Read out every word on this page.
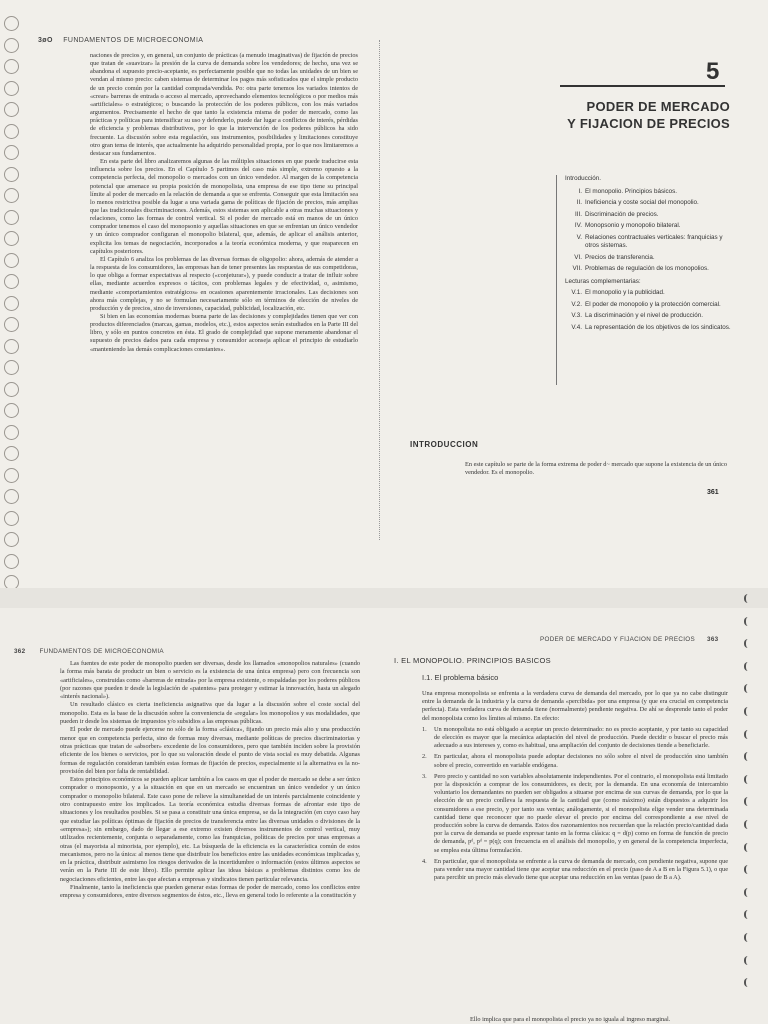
3øO FUNDAMENTOS DE MICROECONOMIA

naciones de precios y, en general, un conjunto de prácticas (a menudo imaginativas) de fijación de precios que tratan de «suavizar» la presión de la curva de demanda sobre los vendedores; de hecho, una vez se abandona el supuesto precio-aceptante, es perfectamente posible que no todas las unidades de un bien se vendan al mismo precio: caben sistemas de determinar los pagos más sofisticados que el simple producto de un precio común por la cantidad comprada/vendida. Po: otra parte tenemos los variados intentos de «crear» barreras de entrada o acceso al mercado, aprovechando elementos tecnológicos o por medios más «artificiales» o estratégicos; o buscando la protección de los poderes públicos, con los más variados argumentos. Precisamente el hecho de que tanto la existencia misma de poder de mercado, como las prácticas y políticas para intensificar su uso y defenderlo, puede dar lugar a conflictos de interés, pérdidas de eficiencia y problemas distributivos, por lo que la intervención de los poderes públicos ha sido frecuente. La discusión sobre esta regulación, sus instrumentos, posibilidades y limitaciones constituye otro gran tema de interés, que actualmente ha adquirido personalidad propia, por lo que nos limitaremos a destacar sus fundamentos.

En esta parte del libro analizaremos algunas de las múltiples situaciones en que puede traducirse esta influencia sobre los precios. En el Capítulo 5 partimos del caso más simple, extremo opuesto a la competencia perfecta, del monopolio o mercados con un único vendedor. Al margen de la competencia potencial que amenace su propia posición de monopolista, una empresa de ese tipo tiene su principal límite al poder de mercado en la relación de demanda a que se enfrenta. Conseguir que esta limitación sea lo menos restrictiva posible da lugar a una variada gama de políticas de fijación de precios, más amplias que las tradicionales discriminaciones. Además, estos sistemas son aplicable a otras muchas situaciones y relaciones, como las formas de control vertical. Si el poder de mercado está en manos de un único comprador tenemos el caso del monopsonio y aquellas situaciones en que se enfrentan un único vendedor y un único comprador configuran el monopolio bilateral, que, además, de aplicar el análisis anterior, explicita los temas de negociación, incorporados a la teoría económica moderna, y que reaparecen en capítulos posteriores.

El Capítulo 6 analiza los problemas de las diversas formas de oligopolio: ahora, además de atender a la respuesta de los consumidores, las empresas han de tener presentes las respuestas de sus competidoras, lo que obliga a formar expectativas al respecto («conjeturar»), y puede conducir a tratar de influir sobre ellas, mediante acuerdos expresos o tácitos, con problemas legales y de efectividad, o, asimismo, mediante «comportamientos estratégicos» en ocasiones aparentemente irracionales. Las decisiones son ahora más complejas, y no se formulan necesariamente sólo en términos de elección de niveles de producción y de precios, sino de inversiones, capacidad, publicidad, localización, etc.

Si bien en las economías modernas buena parte de las decisiones y complejidades tienen que ver con productos diferenciados (marcas, gamas, modelos, etc.), estos aspectos serán estudiados en la Parte III del libro, y sólo en puntos concretos en ésta. El grado de complejidad que supone meramente abandonar el supuesto de precios dados para cada empresa y consumidor aconseja aplicar el principio de estudiarlo «manteniendo las demás complicaciones constantes».

5
PODER DE MERCADO
Y FIJACION DE PRECIOS
Introducción.
I. El monopolio. Principios básicos.
II. Ineficiencia y coste social del monopolio.
III. Discriminación de precios.
IV. Monopsonio y monopolio bilateral.
V. Relaciones contractuales verticales: franquicias y otros sistemas.
VI. Precios de transferencia.
VII. Problemas de regulación de los monopolios.
Lecturas complementarias:
V.1. El monopolio y la publicidad.
V.2. El poder de monopolio y la protección comercial.
V.3. La discriminación y el nivel de producción.
V.4. La representación de los objetivos de los sindicatos.
INTRODUCCION
En este capítulo se parte de la forma extrema de poder d~ mercado que supone la existencia de un único vendedor. Es el monopolio.
361
362 FUNDAMENTOS DE MICROECONOMIA

Las fuentes de este poder de monopolio pueden ser diversas, desde los llamados «monopolios naturales» (cuando la forma más barata de producir un bien o servicio es la existencia de una única empresa) pero con frecuencia son «artificiales», construidas como «barreras de entrada» por la empresa existente, o respaldadas por los poderes públicos (por razones que pueden ir desde la legislación de «patentes» para proteger y estimar la innovación, hasta un alegado «interés nacional»).

Un resultado clásico es cierta ineficiencia asignativa que da lugar a la discusión sobre el coste social del monopolio. Esta es la base de la discusión sobre la conveniencia de «regular» los monopolios y sus modalidades, que pueden ir desde los sistemas de impuestos y/o subsidios a las empresas públicas.

El poder de mercado puede ejercerse no sólo de la forma «clásica», fijando un precio más alto y una producción menor que en competencia perfecta, sino de formas muy diversas, mediante políticas de precios discriminatorias y otras prácticas que tratan de «absorber» excedente de los consumidores, pero que también inciden sobre la provisión eficiente de los bienes o servicios, por lo que su valoración desde el punto de vista social es muy debatida. Algunas formas de regulación consideran también estas formas de fijación de precios, especialmente si la alternativa es la no-provisión del bien por falta de rentabilidad.

Estos principios económicos se pueden aplicar también a los casos en que el poder de mercado se debe a ser único comprador o monopsonio, y a la situación en que en un mercado se encuentran un único vendedor y un único comprador o monopolio bilateral. Este caso pone de relieve la simultaneidad de un interés parcialmente coincidente y otro contrapuesto entre los implicados. La teoría económica estudia diversas formas de afrontar este tipo de situaciones y los resultados posibles. Si se pasa a constituir una única empresa, se da la integración (en cuyo caso hay que estudiar las políticas óptimas de fijación de precios de transferencia entre las diversas unidades o divisiones de la «empresa»); sin embargo, dado de llegar a ese extremo existen diversos instrumentos de control vertical, muy utilizados recientemente, conjunta o separadamente, como las franquicias, políticas de precios por unas empresas a otras (el mayorista al minorista, por ejemplo), etc. La búsqueda de la eficiencia es la característica común de estos mecanismos, pero no la única: al menos tiene que distribuir los beneficios entre las unidades económicas implicadas y, en la práctica, distribuir asimismo los riesgos derivados de la incertidumbre o información (estos últimos aspectos se verán en la Parte III de este libro). Ello permite aplicar las ideas básicas a problemas distintos como los de negociaciones eficientes, entre las que afectan a empresas y sindicatos tienen particular relevancia.

Finalmente, tanto la ineficiencia que pueden generar estas formas de poder de mercado, como los conflictos entre empresa y consumidores, entre diversos segmentos de éstos, etc., lleva en general todo lo referente a la constitución y

PODER DE MERCADO Y FIJACION DE PRECIOS 363
I. EL MONOPOLIO. PRINCIPIOS BASICOS
I.1. El problema básico

Una empresa monopolista se enfrenta a la verdadera curva de demanda del mercado, por lo que ya no cabe distinguir entre la demanda de la industria y la curva de demanda «percibida» por una empresa (y que era crucial en competencia perfecta). Esta verdadera curva de demanda tiene (normalmente) pendiente negativa. De ahí se desprende tanto el poder del monopolista como los límites al mismo. En efecto:

1. Un monopolista no está obligado a aceptar un precio determinado: no es precio aceptante, y por tanto su capacidad de elección es mayor que la mecánica adaptación del nivel de producción. Puede decidir o buscar el precio más adecuado a sus intereses y, como es habitual, una ampliación del conjunto de decisiones tiende a beneficiarle.
2. En particular, ahora el monopolista puede adoptar decisiones no sólo sobre el nivel de producción sino también sobre el precio, convertido en variable endógena.
3. Pero precio y cantidad no son variables absolutamente independientes. Por el contrario, el monopolista está limitado por la disposición a comprar de los consumidores, es decir, por la demanda. En una economía de intercambio voluntario los demandantes no pueden ser obligados a situarse por encima de sus curvas de demanda, por lo que la elección de un precio conlleva la respuesta de la cantidad que (como máximo) están dispuestos a adquirir los consumidores a ese precio, y por tanto sus ventas; análogamente, si el monopolista elige vender una determinada cantidad tiene que reconocer que no puede elevar el precio por encima del correspondiente a ese nivel de producción sobre la curva de demanda. Estos dos razonamientos nos recuerdan que la relación precio/cantidad dada por la curva de demanda se puede expresar tanto en la forma clásica: q = d(p) como en forma de función de precio de demanda, pᵈ, pᵈ = p(q); con frecuencia en el análisis del monopolio, y en general de la competencia imperfecta, se emplea esta última formulación.
4. En particular, que el monopolista se enfrente a la curva de demanda de mercado, con pendiente negativa, supone que para vender una mayor cantidad tiene que aceptar una reducción en el precio (paso de A a B en la Figura 5.1), o que para percibir un precio más elevado tiene que aceptar una reducción en las ventas (paso de B a A).

Ello implica que para el monopolista el precio ya no iguala al ingreso marginal.
